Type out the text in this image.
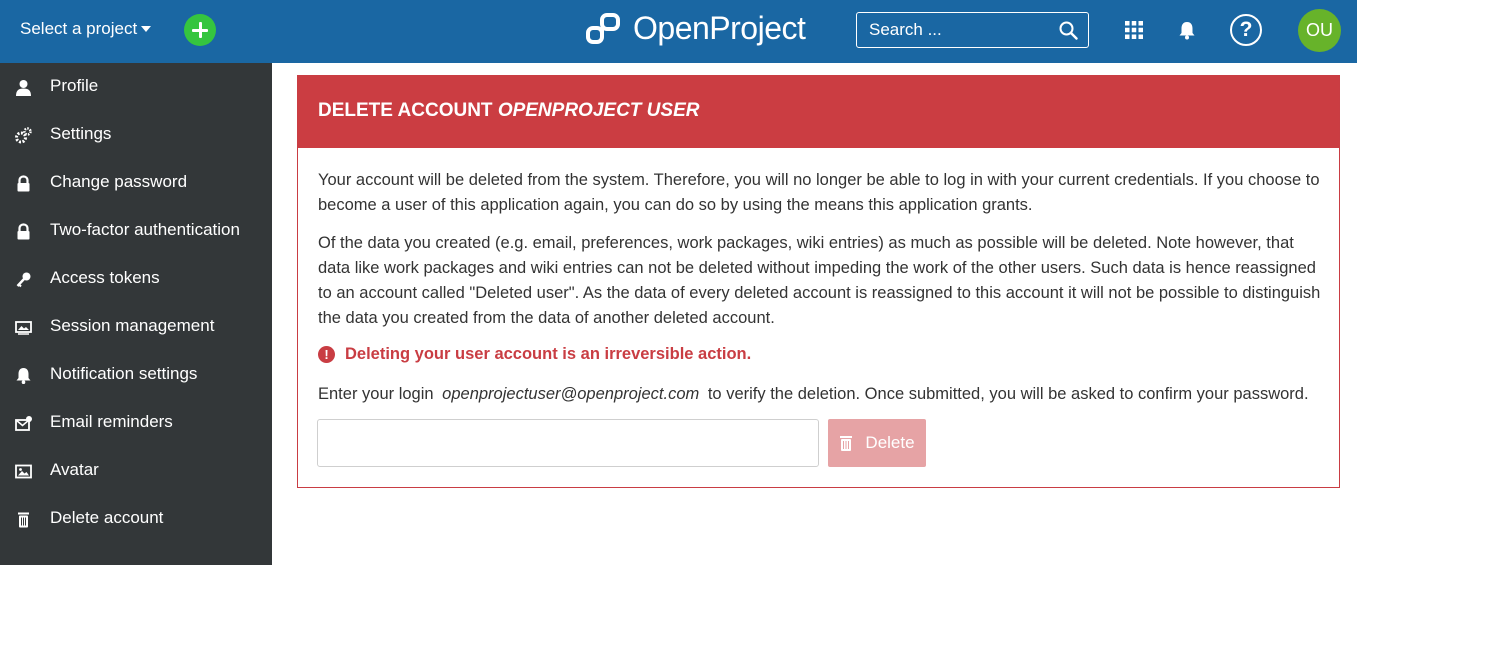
Select a project	OpenProject
Search ...	?	OU
Profile
Settings
Change password
Two-factor authentication
Access tokens
Session management
Notification settings
Email reminders
Avatar
Delete account
DELETE ACCOUNT OPENPROJECT USER

Your account will be deleted from the system. Therefore, you will no longer be able to log in with your current credentials. If you choose to become a user of this application again, you can do so by using the means this application grants.

Of the data you created (e.g. email, preferences, work packages, wiki entries) as much as possible will be deleted. Note however, that data like work packages and wiki entries can not be deleted without impeding the work of the other users. Such data is hence reassigned to an account called "Deleted user". As the data of every deleted account is reassigned to this account it will not be possible to distinguish the data you created from the data of another deleted account.

! Deleting your user account is an irreversible action.

Enter your login openprojectuser@openproject.com to verify the deletion. Once submitted, you will be asked to confirm your password.

Delete
